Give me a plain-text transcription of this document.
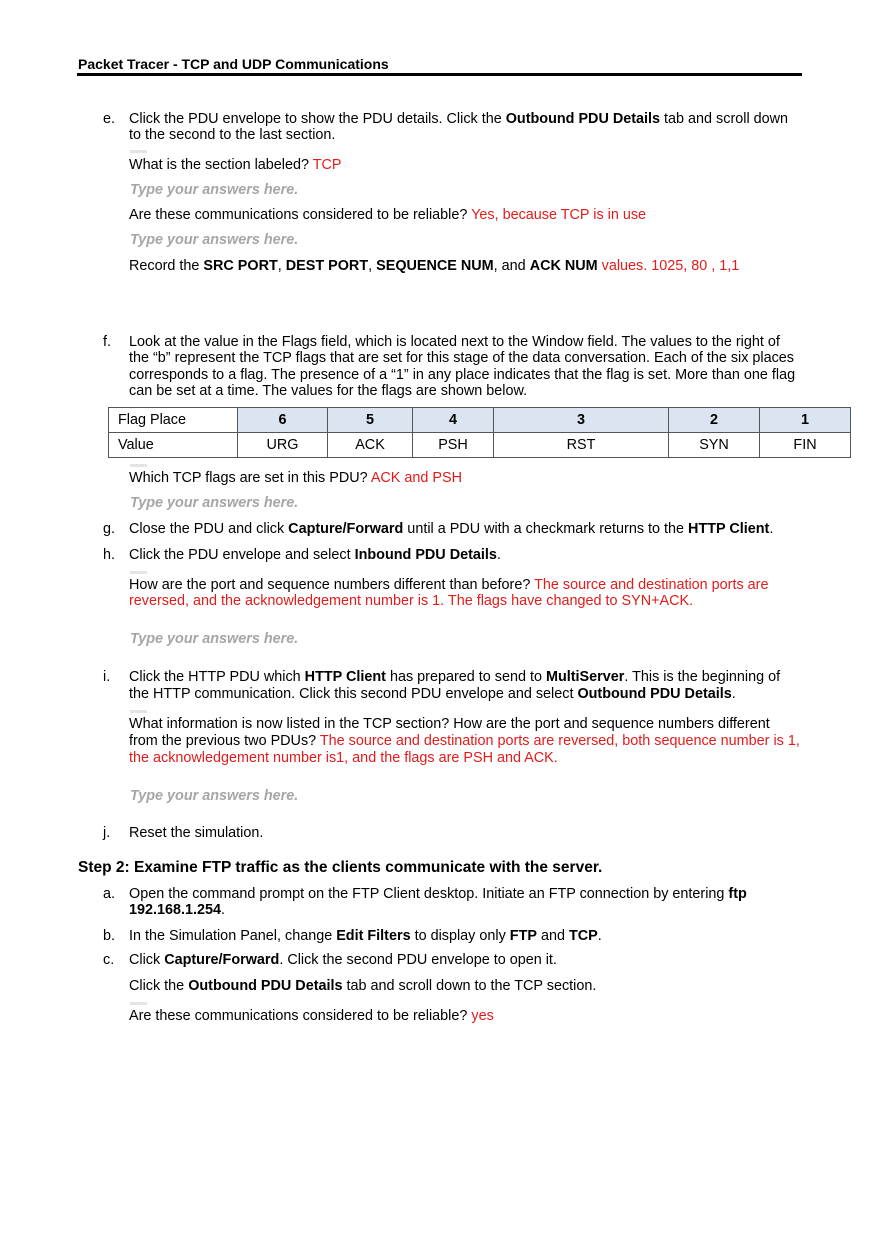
Packet Tracer - TCP and UDP Communications
e. Click the PDU envelope to show the PDU details. Click the Outbound PDU Details tab and scroll down
to the second to the last section.
What is the section labeled? TCP
Type your answers here.
Are these communications considered to be reliable? Yes, because TCP is in use
Type your answers here.
Record the SRC PORT, DEST PORT, SEQUENCE NUM, and ACK NUM values. 1025, 80 , 1,1
f. Look at the value in the Flags field, which is located next to the Window field. The values to the right of
the “b” represent the TCP flags that are set for this stage of the data conversation. Each of the six places
corresponds to a flag. The presence of a “1” in any place indicates that the flag is set. More than one flag
can be set at a time. The values for the flags are shown below.
Flag Place	6	5	4	3	2	1
Value	URG	ACK	PSH	RST	SYN	FIN
Which TCP flags are set in this PDU? ACK and PSH
Type your answers here.
g. Close the PDU and click Capture/Forward until a PDU with a checkmark returns to the HTTP Client.
h. Click the PDU envelope and select Inbound PDU Details.
How are the port and sequence numbers different than before? The source and destination ports are
reversed, and the acknowledgement number is 1. The flags have changed to SYN+ACK.
Type your answers here.
i. Click the HTTP PDU which HTTP Client has prepared to send to MultiServer. This is the beginning of
the HTTP communication. Click this second PDU envelope and select Outbound PDU Details.
What information is now listed in the TCP section? How are the port and sequence numbers different
from the previous two PDUs? The source and destination ports are reversed, both sequence number is 1,
the acknowledgement number is1, and the flags are PSH and ACK.
Type your answers here.
j. Reset the simulation.
Step 2: Examine FTP traffic as the clients communicate with the server.
a. Open the command prompt on the FTP Client desktop. Initiate an FTP connection by entering ftp
192.168.1.254.
b. In the Simulation Panel, change Edit Filters to display only FTP and TCP.
c. Click Capture/Forward. Click the second PDU envelope to open it.
Click the Outbound PDU Details tab and scroll down to the TCP section.
Are these communications considered to be reliable? yes
